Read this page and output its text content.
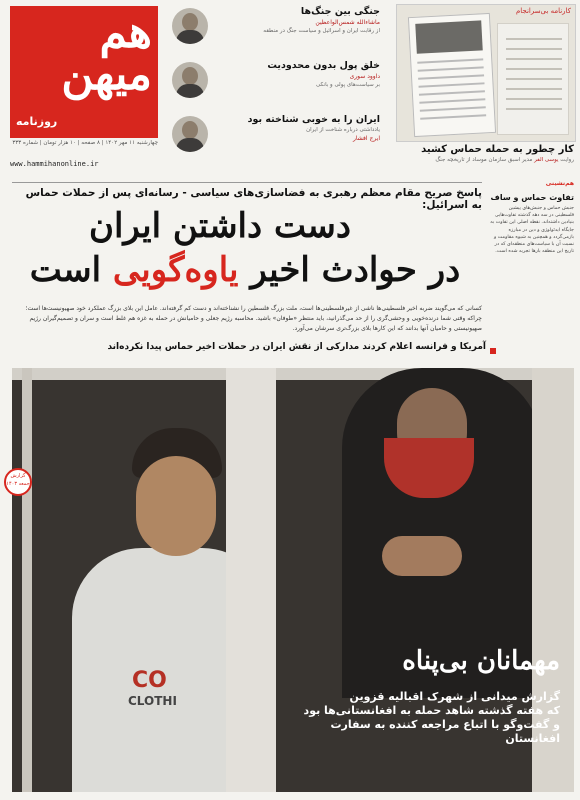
هم
میهن
روزنامه
چهارشنبه ۱۱ مهر ۱۴۰۲ | ۸ صفحه | ۱۰ هزار تومان | شماره ۳۳۳
www.hammihanonline.ir
جنگی بین جنگ‌ها
ماشاءالله شمس‌الواعظین
از رقابت ایران و اسرائیل و سیاست جنگ در منطقه
خلق پول بدون محدودیت
داوود سوری
بر سیاست‌های پولی و بانکی
ایران را به خوبی شناخته بود
یادداشتی درباره شناخت از ایران
ایرج افشار
کارنامه بی‌سرانجام
کار چطور به حمله حماس کشید
روایت یوسی الفر مدیر اسبق سازمان موساد از تاریخچه جنگ
پاسخ صریح مقام معظم رهبری به فضاسازی‌های سیاسی - رسانه‌ای پس از حملات حماس به اسرائیل:
دست داشتن ایران
در حوادث اخیر یاوه‌گویی است
کسانی که می‌گویند ضربه اخیر فلسطینی‌ها ناشی از غیرفلسطینی‌ها است، ملت بزرگ فلسطین را نشناخته‌اند و دست کم گرفته‌اند. عامل این بلای بزرگ عملکرد خود صهیونیست‌ها است؛ چراکه وقتی شما درنده‌خویی و وحشی‌گری را از حد می‌گذرانید، باید منتظر «طوفان» باشید. محاسبه رژیم جعلی و حامیانش در حمله به غزه هم غلط است و سران و تصمیم‌گیران رژیم صهیونیستی و حامیان آنها بدانند که این کارها بلای بزرگ‌تری سرشان می‌آورد.
آمریکا و فرانسه اعلام کردند مدارکی از نقش ایران در حملات اخیر حماس پیدا نکرده‌اند
هم‌نشینی
تفاوت حماس و ساف
جنبش حماس و جنبش‌های پیشین فلسطینی در سه دهه گذشته تفاوت‌هایی بنیادین داشته‌اند. نقطه اصلی این تفاوت به جایگاه ایدئولوژی و دین در مبارزه بازمی‌گردد و همچنین به شیوه مقاومت و نسبت آن با سیاست‌های منطقه‌ای که در تاریخ این منطقه بارها تجربه شده است.
CO
CLOTHI
گزارش جمعه ۱۴۰۳
مهمانان بی‌پناه
گزارش میدانی از شهرک اقبالیه قزوین
که هفته گذشته شاهد حمله به افغانستانی‌ها بود
و گفت‌وگو با اتباع مراجعه کننده به سفارت افغانستان
